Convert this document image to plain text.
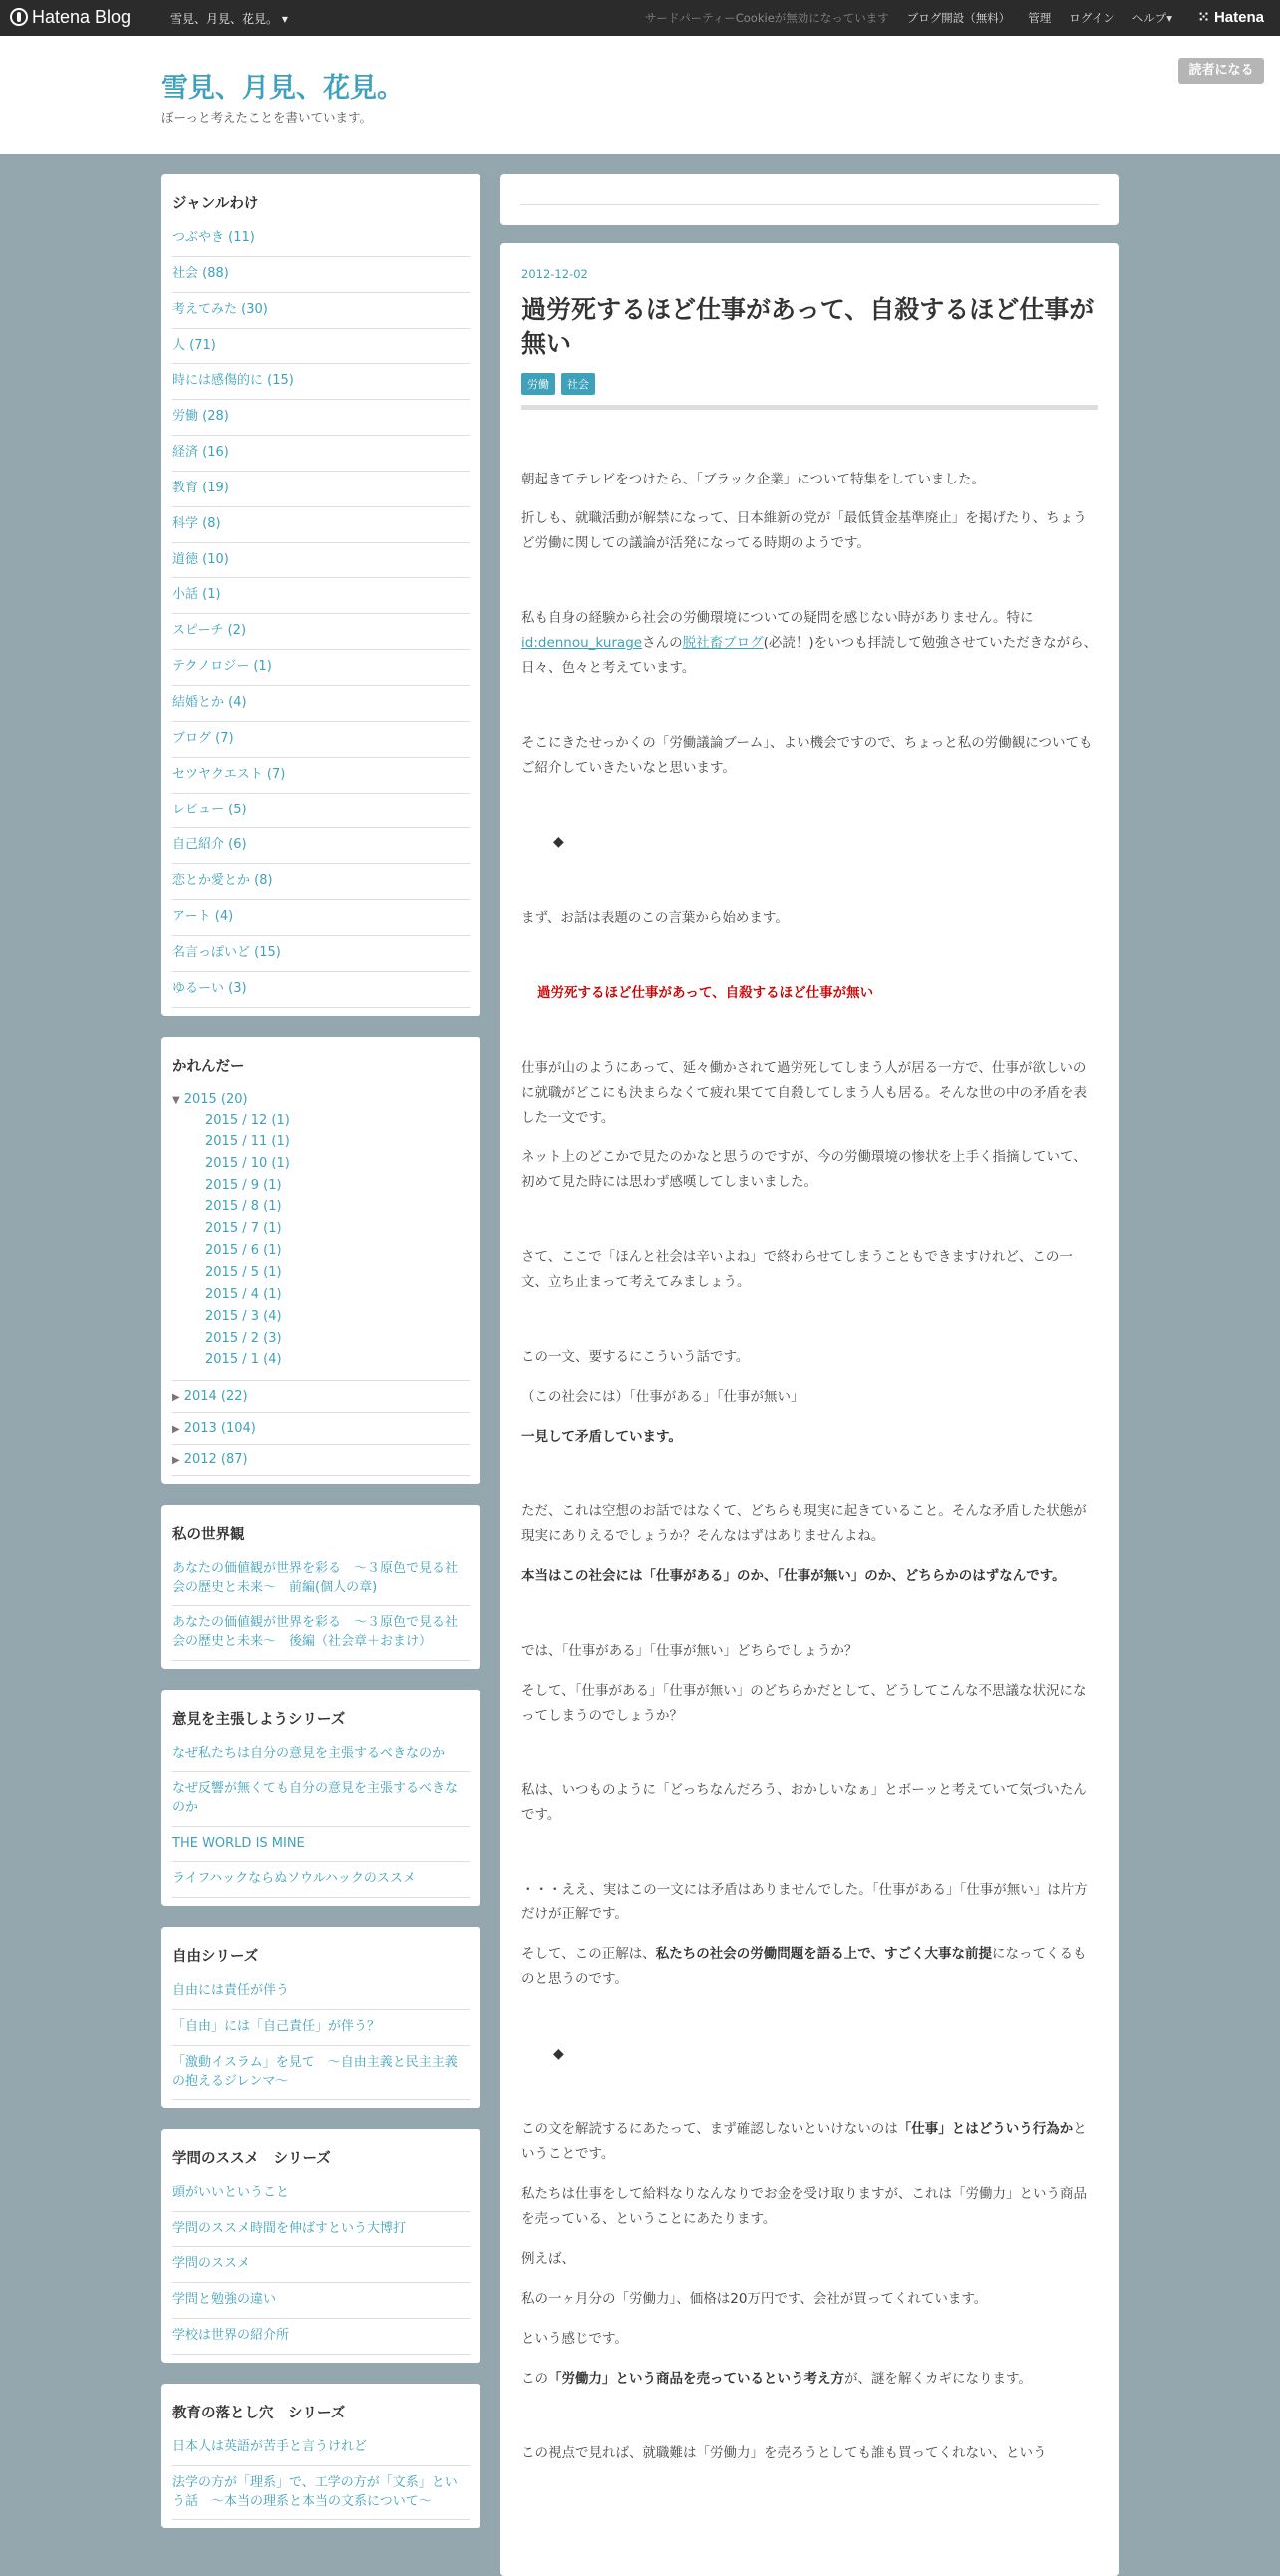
Hatena Blog	雪見、月見、花見。 ▾	サードパーティーCookieが無効になっています ブログ開設（無料） 管理 ログイン ヘルプ▾ ⁙ Hatena
雪見、月見、花見。
ぼーっと考えたことを書いています。
読者になる
ジャンルわけ
つぶやき (11)
社会 (88)
考えてみた (30)
人 (71)
時には感傷的に (15)
労働 (28)
経済 (16)
教育 (19)
科学 (8)
道徳 (10)
小話 (1)
スピーチ (2)
テクノロジー (1)
結婚とか (4)
ブログ (7)
セツヤクエスト (7)
レビュー (5)
自己紹介 (6)
恋とか愛とか (8)
アート (4)
名言っぽいど (15)
ゆるーい (3)
かれんだー
▼ 2015 (20)
2015 / 12 (1)
2015 / 11 (1)
2015 / 10 (1)
2015 / 9 (1)
2015 / 8 (1)
2015 / 7 (1)
2015 / 6 (1)
2015 / 5 (1)
2015 / 4 (1)
2015 / 3 (4)
2015 / 2 (3)
2015 / 1 (4)
▶ 2014 (22)
▶ 2013 (104)
▶ 2012 (87)
私の世界観
あなたの価値観が世界を彩る　～３原色で見る社会の歴史と未来～　前編(個人の章)
あなたの価値観が世界を彩る　～３原色で見る社会の歴史と未来～　後編（社会章＋おまけ）
意見を主張しようシリーズ
なぜ私たちは自分の意見を主張するべきなのか
なぜ反響が無くても自分の意見を主張するべきなのか
THE WORLD IS MINE
ライフハックならぬソウルハックのススメ
自由シリーズ
自由には責任が伴う
「自由」には「自己責任」が伴う？
「激動イスラム」を見て　～自由主義と民主主義の抱えるジレンマ～
学問のススメ　シリーズ
頭がいいということ
学問のススメ時間を伸ばすという大博打
学問のススメ
学問と勉強の違い
学校は世界の紹介所
教育の落とし穴　シリーズ
日本人は英語が苦手と言うけれど
法学の方が「理系」で、工学の方が「文系」という話　～本当の理系と本当の文系について～
2012-12-02
過労死するほど仕事があって、自殺するほど仕事が無い
労働	社会

朝起きてテレビをつけたら、「ブラック企業」について特集をしていました。

折しも、就職活動が解禁になって、日本維新の党が「最低賃金基準廃止」を掲げたり、ちょうど労働に関しての議論が活発になってる時期のようです。

私も自身の経験から社会の労働環境についての疑問を感じない時がありません。特にid:dennou_kurageさんの脱社畜ブログ(必読！)をいつも拝読して勉強させていただきながら、日々、色々と考えています。

そこにきたせっかくの「労働議論ブーム」、よい機会ですので、ちょっと私の労働観についてもご紹介していきたいなと思います。

◆

まず、お話は表題のこの言葉から始めます。

過労死するほど仕事があって、自殺するほど仕事が無い

仕事が山のようにあって、延々働かされて過労死してしまう人が居る一方で、仕事が欲しいのに就職がどこにも決まらなくて疲れ果てて自殺してしまう人も居る。そんな世の中の矛盾を表した一文です。

ネット上のどこかで見たのかなと思うのですが、今の労働環境の惨状を上手く指摘していて、初めて見た時には思わず感嘆してしまいました。

さて、ここで「ほんと社会は辛いよね」で終わらせてしまうこともできますけれど、この一文、立ち止まって考えてみましょう。

この一文、要するにこういう話です。

（この社会には）「仕事がある」「仕事が無い」

一見して矛盾しています。

ただ、これは空想のお話ではなくて、どちらも現実に起きていること。そんな矛盾した状態が現実にありえるでしょうか？そんなはずはありませんよね。

本当はこの社会には「仕事がある」のか、「仕事が無い」のか、どちらかのはずなんです。

では、「仕事がある」「仕事が無い」どちらでしょうか？

そして、「仕事がある」「仕事が無い」のどちらかだとして、どうしてこんな不思議な状況になってしまうのでしょうか？

私は、いつものように「どっちなんだろう、おかしいなぁ」とボーッと考えていて気づいたんです。

・・・ええ、実はこの一文には矛盾はありませんでした。「仕事がある」「仕事が無い」は片方だけが正解です。

そして、この正解は、私たちの社会の労働問題を語る上で、すごく大事な前提になってくるものと思うのです。

◆

この文を解読するにあたって、まず確認しないといけないのは「仕事」とはどういう行為かということです。

私たちは仕事をして給料なりなんなりでお金を受け取りますが、これは「労働力」という商品を売っている、ということにあたります。

例えば、

私の一ヶ月分の「労働力」、価格は20万円です、会社が買ってくれています。

という感じです。

この「労働力」という商品を売っているという考え方が、謎を解くカギになります。

この視点で見れば、就職難は「労働力」を売ろうとしても誰も買ってくれない、という
